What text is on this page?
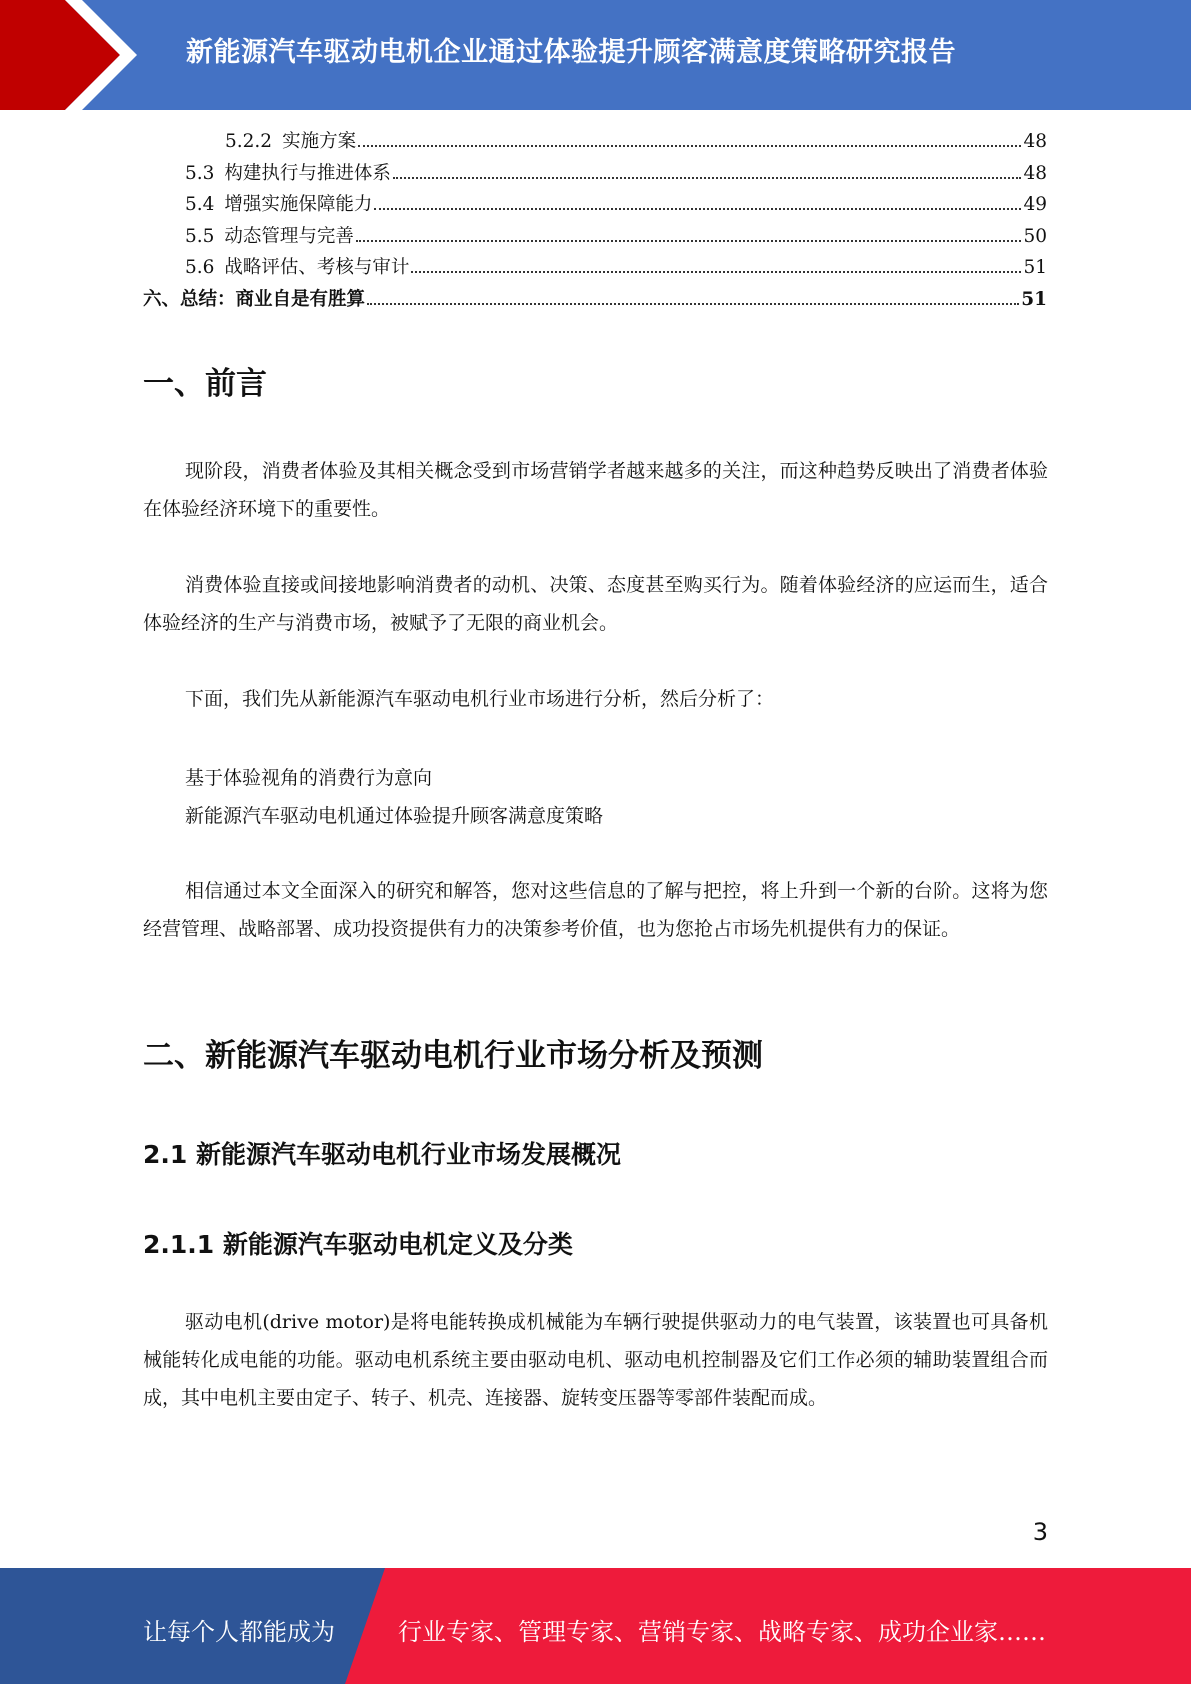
新能源汽车驱动电机企业通过体验提升顾客满意度策略研究报告
5.2.2 实施方案	48
5.3 构建执行与推进体系	48
5.4 增强实施保障能力	49
5.5 动态管理与完善	50
5.6 战略评估、考核与审计	51
六、总结：商业自是有胜算	51
一、前言
现阶段，消费者体验及其相关概念受到市场营销学者越来越多的关注，而这种趋势反映出了消费者体验在体验经济环境下的重要性。
消费体验直接或间接地影响消费者的动机、决策、态度甚至购买行为。随着体验经济的应运而生，适合体验经济的生产与消费市场，被赋予了无限的商业机会。
下面，我们先从新能源汽车驱动电机行业市场进行分析，然后分析了：
基于体验视角的消费行为意向
新能源汽车驱动电机通过体验提升顾客满意度策略
相信通过本文全面深入的研究和解答，您对这些信息的了解与把控，将上升到一个新的台阶。这将为您经营管理、战略部署、成功投资提供有力的决策参考价值，也为您抢占市场先机提供有力的保证。
二、新能源汽车驱动电机行业市场分析及预测
2.1 新能源汽车驱动电机行业市场发展概况
2.1.1 新能源汽车驱动电机定义及分类
驱动电机(drive motor)是将电能转换成机械能为车辆行驶提供驱动力的电气装置，该装置也可具备机械能转化成电能的功能。驱动电机系统主要由驱动电机、驱动电机控制器及它们工作必须的辅助装置组合而成，其中电机主要由定子、转子、机壳、连接器、旋转变压器等零部件装配而成。
3
让每个人都能成为	行业专家、管理专家、营销专家、战略专家、成功企业家……
